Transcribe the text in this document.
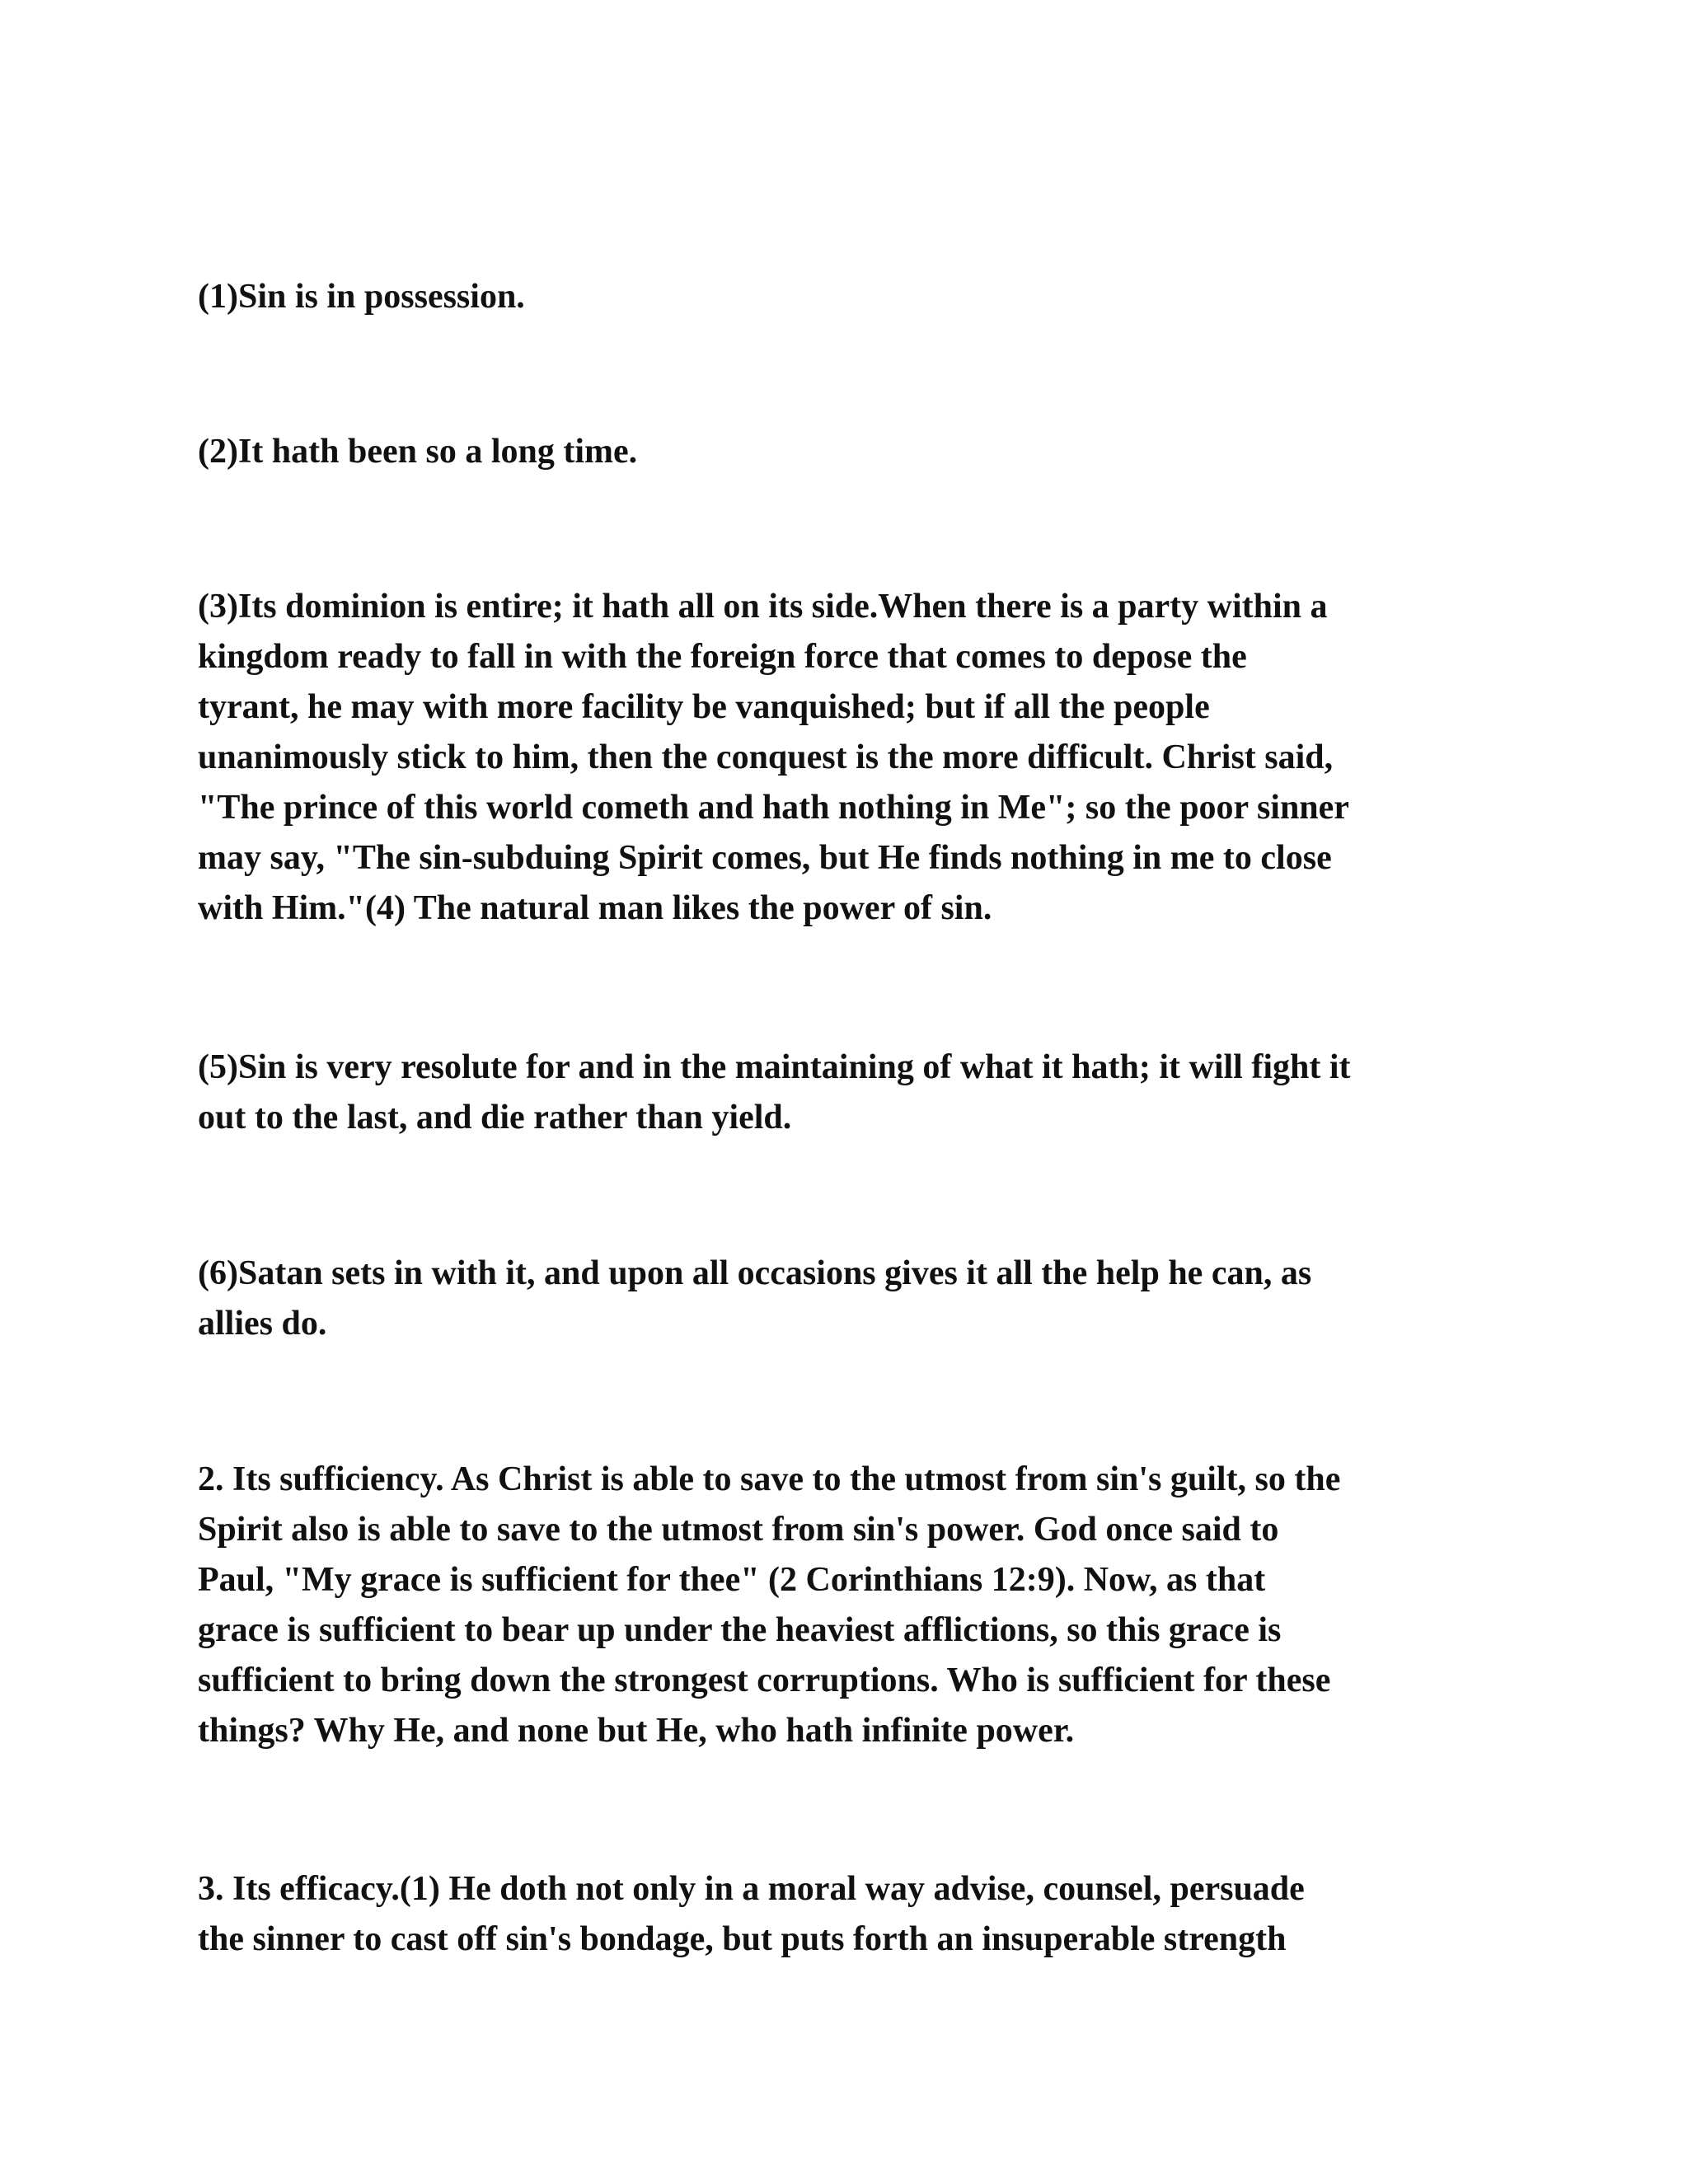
(1)Sin is in possession.

(2)It hath been so a long time.

(3)Its dominion is entire; it hath all on its side.When there is a party within a
kingdom ready to fall in with the foreign force that comes to depose the
tyrant, he may with more facility be vanquished; but if all the people
unanimously stick to him, then the conquest is the more difficult. Christ said,
"The prince of this world cometh and hath nothing in Me"; so the poor sinner
may say, "The sin-subduing Spirit comes, but He finds nothing in me to close
with Him."(4) The natural man likes the power of sin.

(5)Sin is very resolute for and in the maintaining of what it hath; it will fight it
out to the last, and die rather than yield.

(6)Satan sets in with it, and upon all occasions gives it all the help he can, as
allies do.

2. Its sufficiency. As Christ is able to save to the utmost from sin's guilt, so the
Spirit also is able to save to the utmost from sin's power. God once said to
Paul, "My grace is sufficient for thee" (2 Corinthians 12:9). Now, as that
grace is sufficient to bear up under the heaviest afflictions, so this grace is
sufficient to bring down the strongest corruptions. Who is sufficient for these
things? Why He, and none but He, who hath infinite power.

3. Its efficacy.(1) He doth not only in a moral way advise, counsel, persuade
the sinner to cast off sin's bondage, but puts forth an insuperable strength
